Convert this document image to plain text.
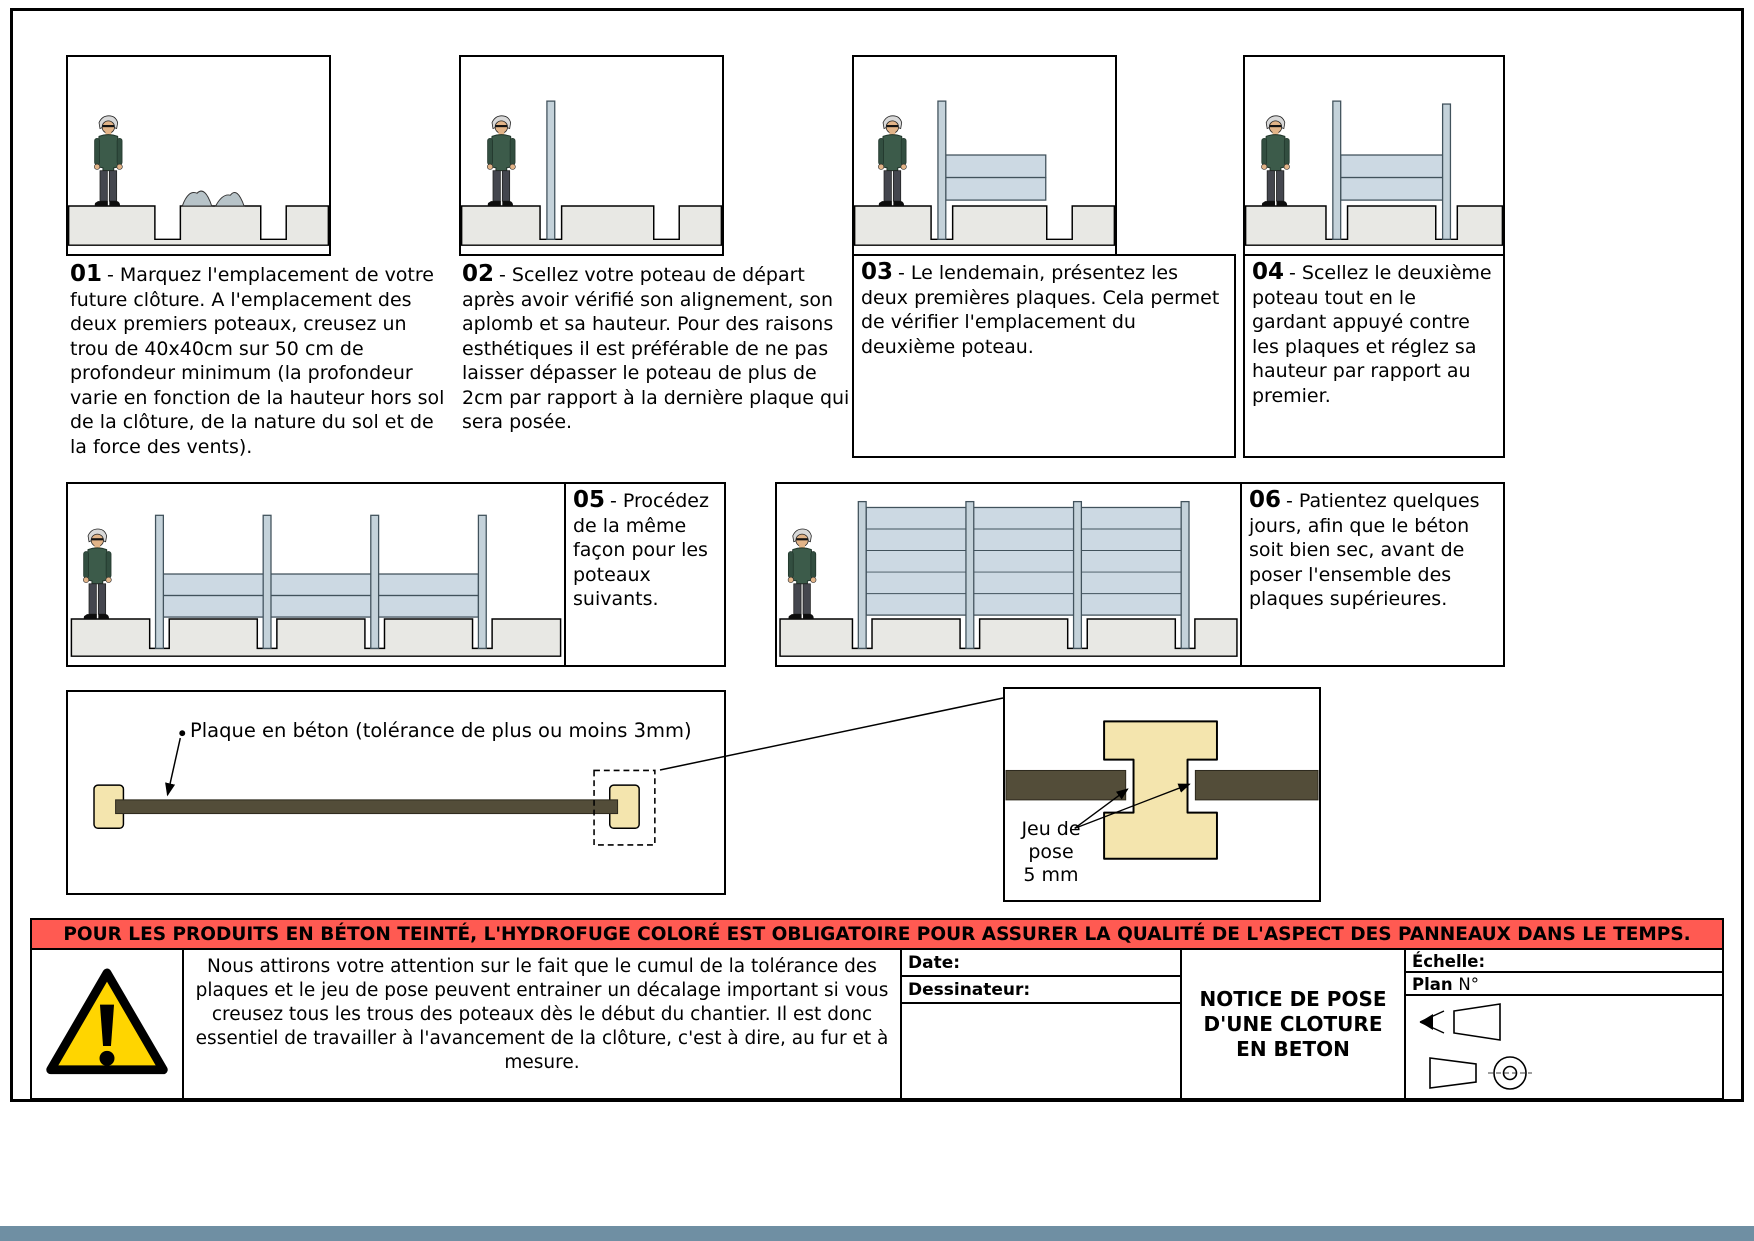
01 - Marquez l'emplacement de votre future clôture. A l'emplacement des deux premiers poteaux, creusez un trou de 40x40cm sur 50 cm de profondeur minimum (la profondeur varie en fonction de la hauteur hors sol de la clôture, de la nature du sol et de la force des vents).
02 - Scellez votre poteau de départ après avoir vérifié son alignement, son aplomb et sa hauteur. Pour des raisons esthétiques il est préférable de ne pas laisser dépasser le poteau de plus de 2cm par rapport à la dernière plaque qui sera posée.
03 - Le lendemain, présentez les deux premières plaques. Cela permet de vérifier l'emplacement du deuxième poteau.
04 - Scellez le deuxième poteau tout en le gardant appuyé contre les plaques et réglez sa hauteur par rapport au premier.
05 - Procédez de la même façon pour les poteaux suivants.
06 - Patientez quelques jours, afin que le béton soit bien sec, avant de poser l'ensemble des plaques supérieures.
Plaque en béton (tolérance de plus ou moins 3mm)
Jeu de
pose
5 mm
POUR LES PRODUITS EN BÉTON TEINTÉ, L'HYDROFUGE COLORÉ EST OBLIGATOIRE POUR ASSURER LA QUALITÉ DE L'ASPECT DES PANNEAUX DANS LE TEMPS.
Nous attirons votre attention sur le fait que le cumul de la tolérance des plaques et le jeu de pose peuvent entrainer un décalage important si vous creusez tous les trous des poteaux dès le début du chantier. Il est donc essentiel de travailler à l'avancement de la clôture, c'est à dire, au fur et à mesure.
Date:
Dessinateur:	NOTICE DE POSE
D'UNE CLOTURE
EN BETON
Échelle:
Plan N°
